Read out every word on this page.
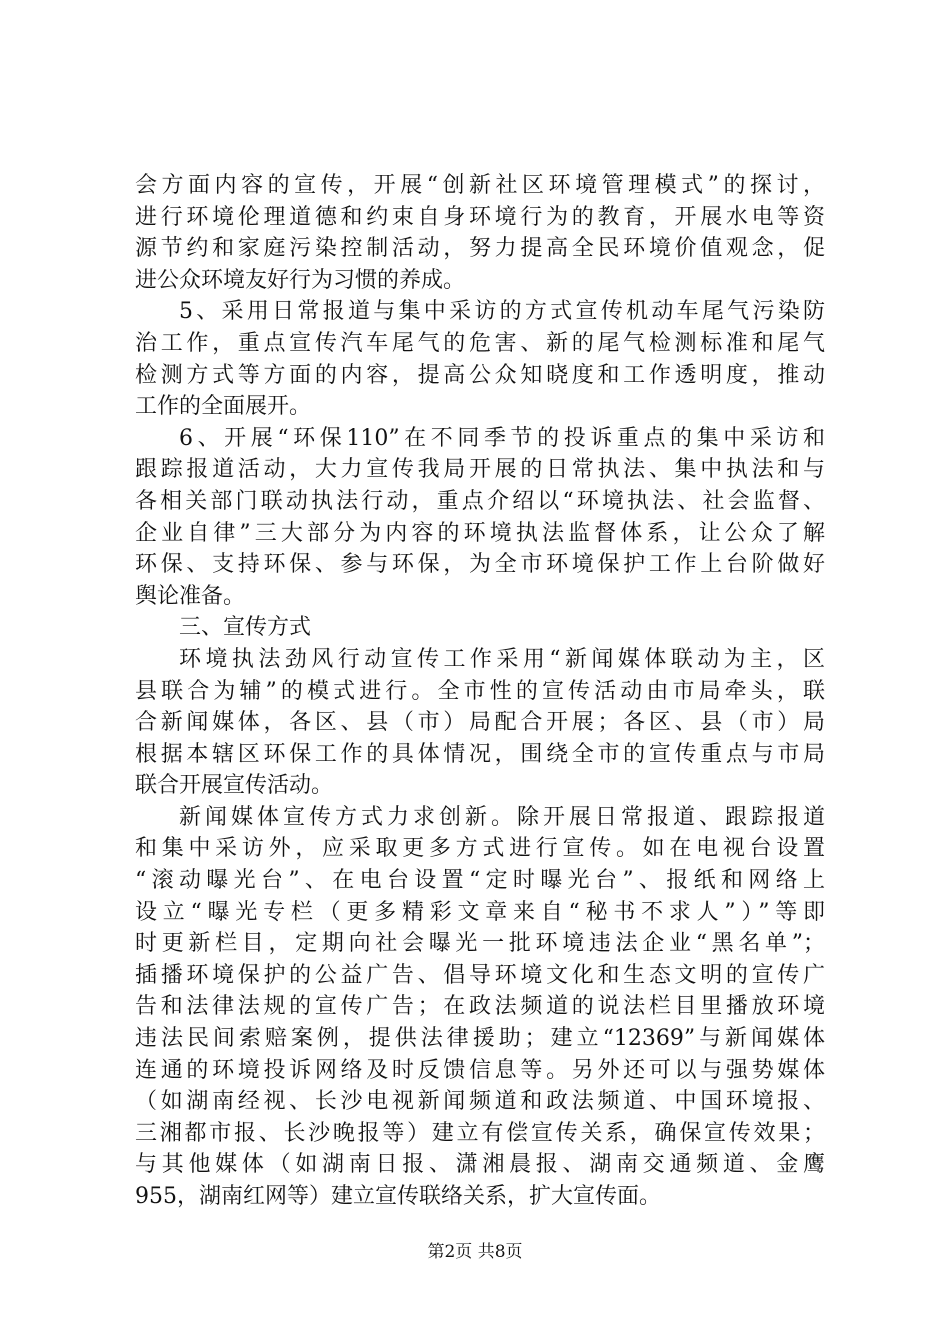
会方面内容的宣传，开展“创新社区环境管理模式”的探讨，
进行环境伦理道德和约束自身环境行为的教育，开展水电等资
源节约和家庭污染控制活动，努力提高全民环境价值观念，促
进公众环境友好行为习惯的养成。
5、采用日常报道与集中采访的方式宣传机动车尾气污染防
治工作，重点宣传汽车尾气的危害、新的尾气检测标准和尾气
检测方式等方面的内容，提高公众知晓度和工作透明度，推动
工作的全面展开。
6、开展“环保110”在不同季节的投诉重点的集中采访和
跟踪报道活动，大力宣传我局开展的日常执法、集中执法和与
各相关部门联动执法行动，重点介绍以“环境执法、社会监督、
企业自律”三大部分为内容的环境执法监督体系，让公众了解
环保、支持环保、参与环保，为全市环境保护工作上台阶做好
舆论准备。
三、宣传方式
环境执法劲风行动宣传工作采用“新闻媒体联动为主，区
县联合为辅”的模式进行。全市性的宣传活动由市局牵头，联
合新闻媒体，各区、县（市）局配合开展；各区、县（市）局
根据本辖区环保工作的具体情况，围绕全市的宣传重点与市局
联合开展宣传活动。
新闻媒体宣传方式力求创新。除开展日常报道、跟踪报道
和集中采访外，应采取更多方式进行宣传。如在电视台设置
“滚动曝光台”、在电台设置“定时曝光台”、报纸和网络上
设立“曝光专栏（更多精彩文章来自“秘书不求人”）”等即
时更新栏目，定期向社会曝光一批环境违法企业“黑名单”；
插播环境保护的公益广告、倡导环境文化和生态文明的宣传广
告和法律法规的宣传广告；在政法频道的说法栏目里播放环境
违法民间索赔案例，提供法律援助；建立“12369”与新闻媒体
连通的环境投诉网络及时反馈信息等。另外还可以与强势媒体
（如湖南经视、长沙电视新闻频道和政法频道、中国环境报、
三湘都市报、长沙晚报等）建立有偿宣传关系，确保宣传效果；
与其他媒体（如湖南日报、潇湘晨报、湖南交通频道、金鹰
955，湖南红网等）建立宣传联络关系，扩大宣传面。
第2页 共8页
